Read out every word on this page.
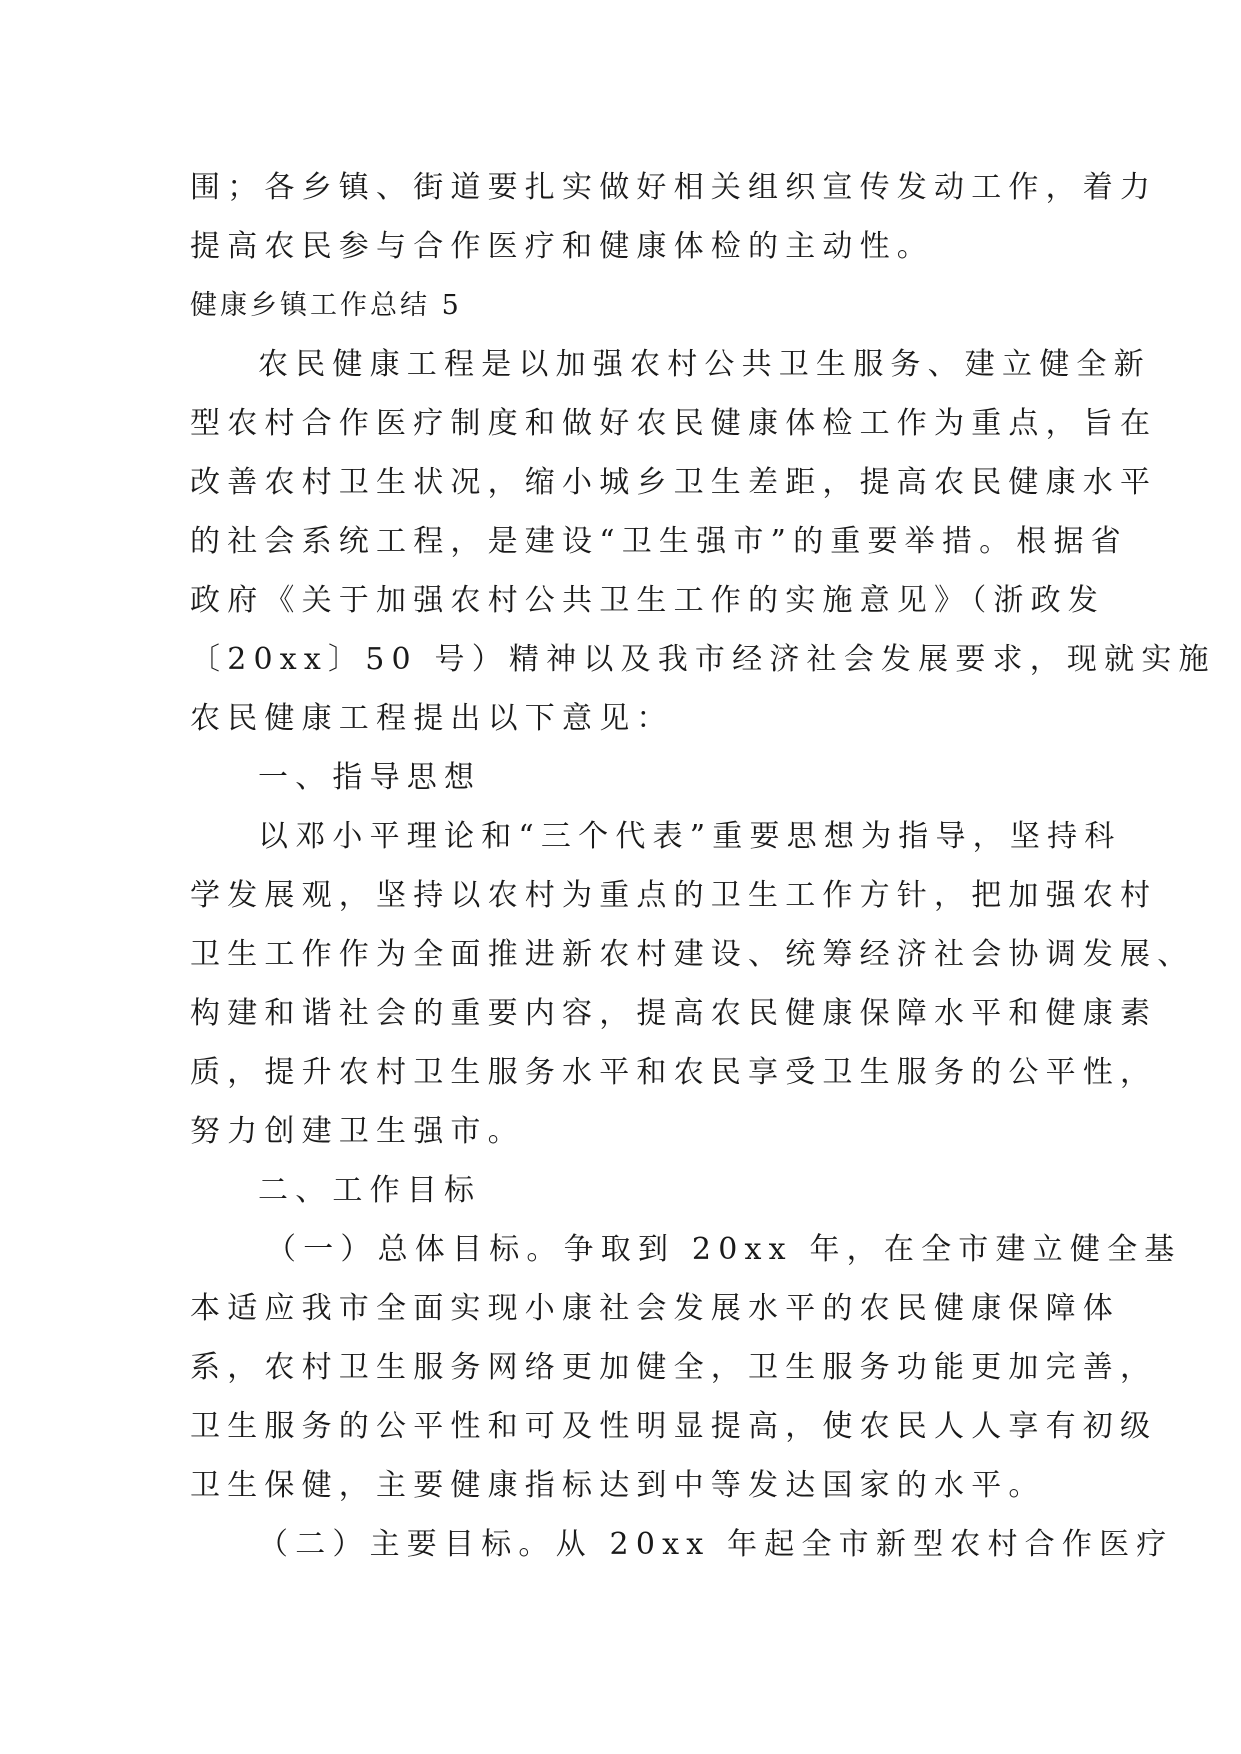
围；各乡镇、街道要扎实做好相关组织宣传发动工作，着力
提高农民参与合作医疗和健康体检的主动性。
健康乡镇工作总结 5
农民健康工程是以加强农村公共卫生服务、建立健全新
型农村合作医疗制度和做好农民健康体检工作为重点，旨在
改善农村卫生状况，缩小城乡卫生差距，提高农民健康水平
的社会系统工程，是建设“卫生强市”的重要举措。根据省
政府《关于加强农村公共卫生工作的实施意见》（浙政发
〔20xx〕50 号）精神以及我市经济社会发展要求，现就实施
农民健康工程提出以下意见：
一、指导思想
以邓小平理论和“三个代表”重要思想为指导，坚持科
学发展观，坚持以农村为重点的卫生工作方针，把加强农村
卫生工作作为全面推进新农村建设、统筹经济社会协调发展、
构建和谐社会的重要内容，提高农民健康保障水平和健康素
质，提升农村卫生服务水平和农民享受卫生服务的公平性，
努力创建卫生强市。
二、工作目标
（一）总体目标。争取到 20xx 年，在全市建立健全基
本适应我市全面实现小康社会发展水平的农民健康保障体
系，农村卫生服务网络更加健全，卫生服务功能更加完善，
卫生服务的公平性和可及性明显提高，使农民人人享有初级
卫生保健，主要健康指标达到中等发达国家的水平。
（二）主要目标。从 20xx 年起全市新型农村合作医疗
